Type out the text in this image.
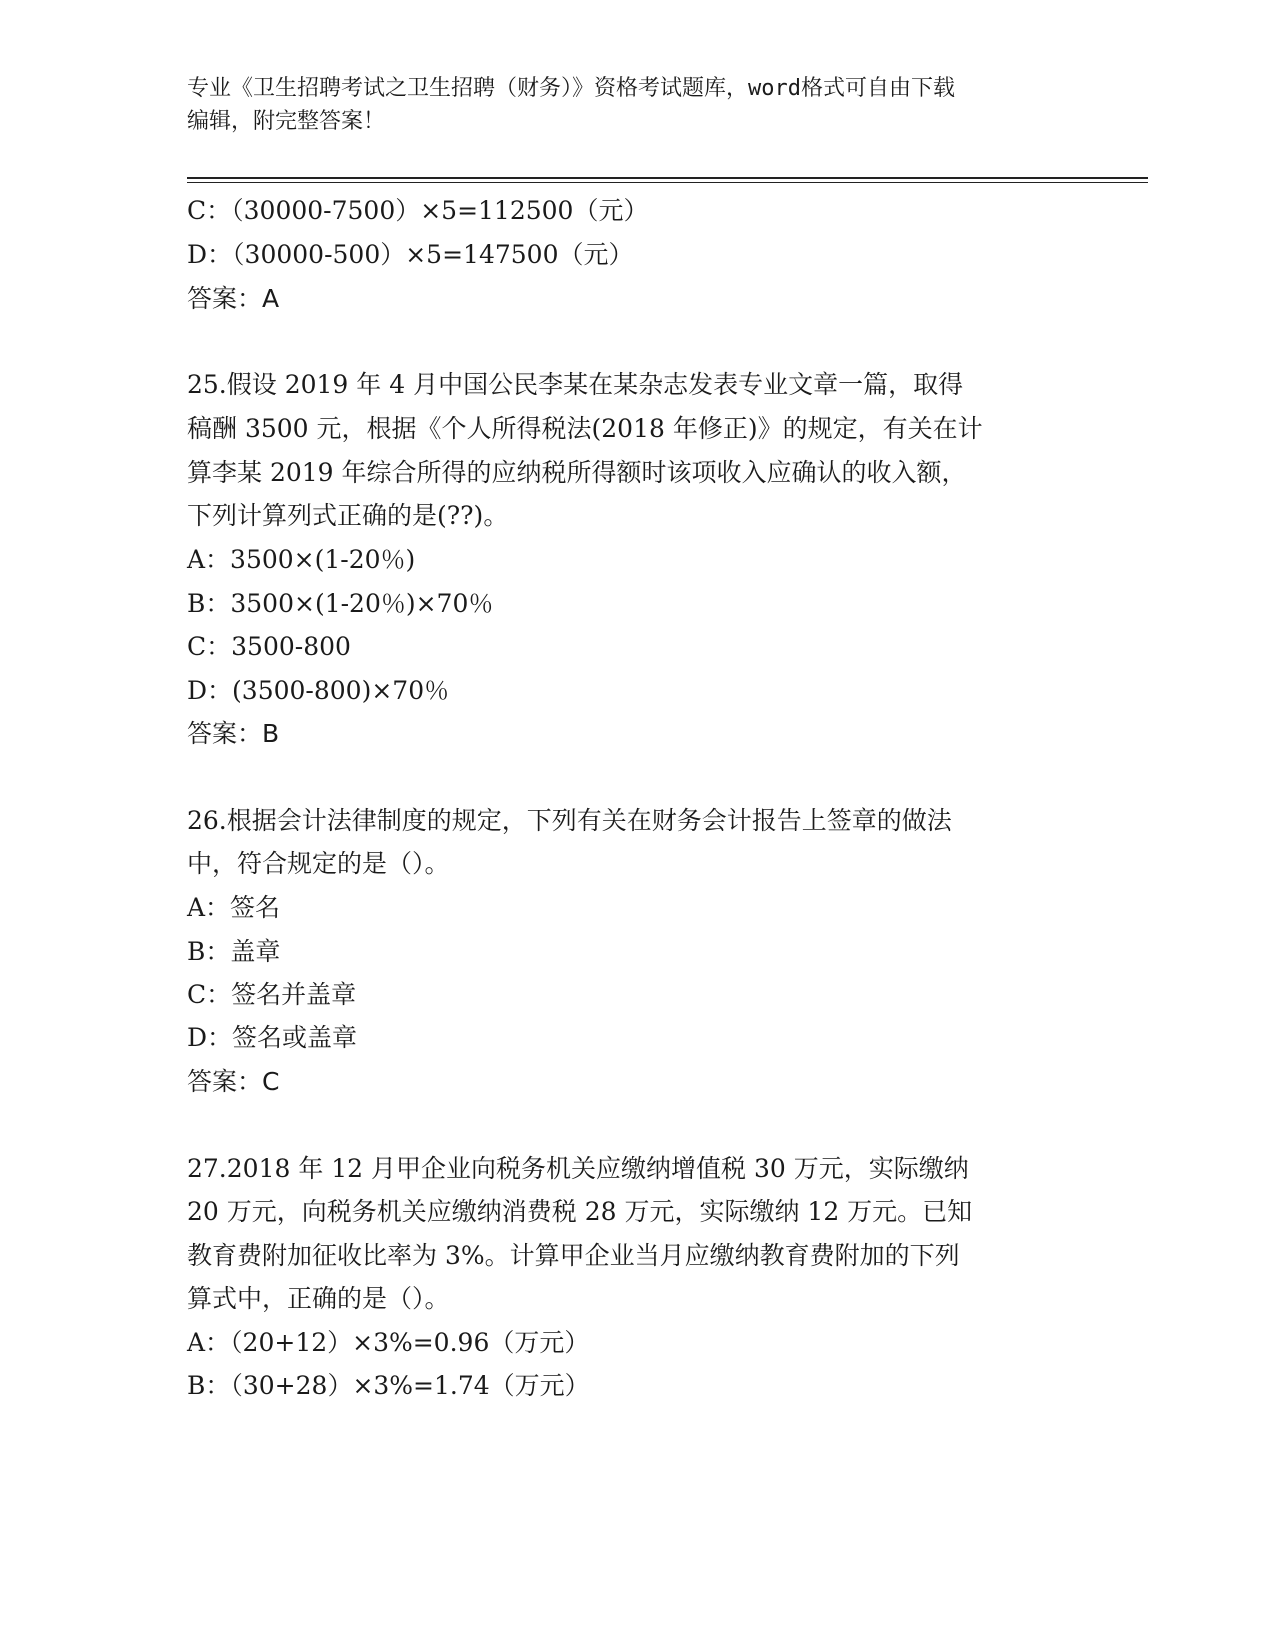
专业《卫生招聘考试之卫生招聘（财务）》资格考试题库，word格式可自由下载
编辑，附完整答案！
C：（30000-7500）×5=112500（元）
D：（30000-500）×5=147500（元）
答案：A
25.假设 2019 年 4 月中国公民李某在某杂志发表专业文章一篇，取得
稿酬 3500 元，根据《个人所得税法(2018 年修正)》的规定，有关在计
算李某 2019 年综合所得的应纳税所得额时该项收入应确认的收入额，
下列计算列式正确的是(??)。
A：3500×(1-20％)
B：3500×(1-20％)×70％
C：3500-800
D：(3500-800)×70％
答案：B
26.根据会计法律制度的规定，下列有关在财务会计报告上签章的做法
中，符合规定的是（）。
A：签名
B：盖章
C：签名并盖章
D：签名或盖章
答案：C
27.2018 年 12 月甲企业向税务机关应缴纳增值税 30 万元，实际缴纳
20 万元，向税务机关应缴纳消费税 28 万元，实际缴纳 12 万元。已知
教育费附加征收比率为 3%。计算甲企业当月应缴纳教育费附加的下列
算式中，正确的是（）。
A：（20+12）×3%=0.96（万元）
B：（30+28）×3%=1.74（万元）
